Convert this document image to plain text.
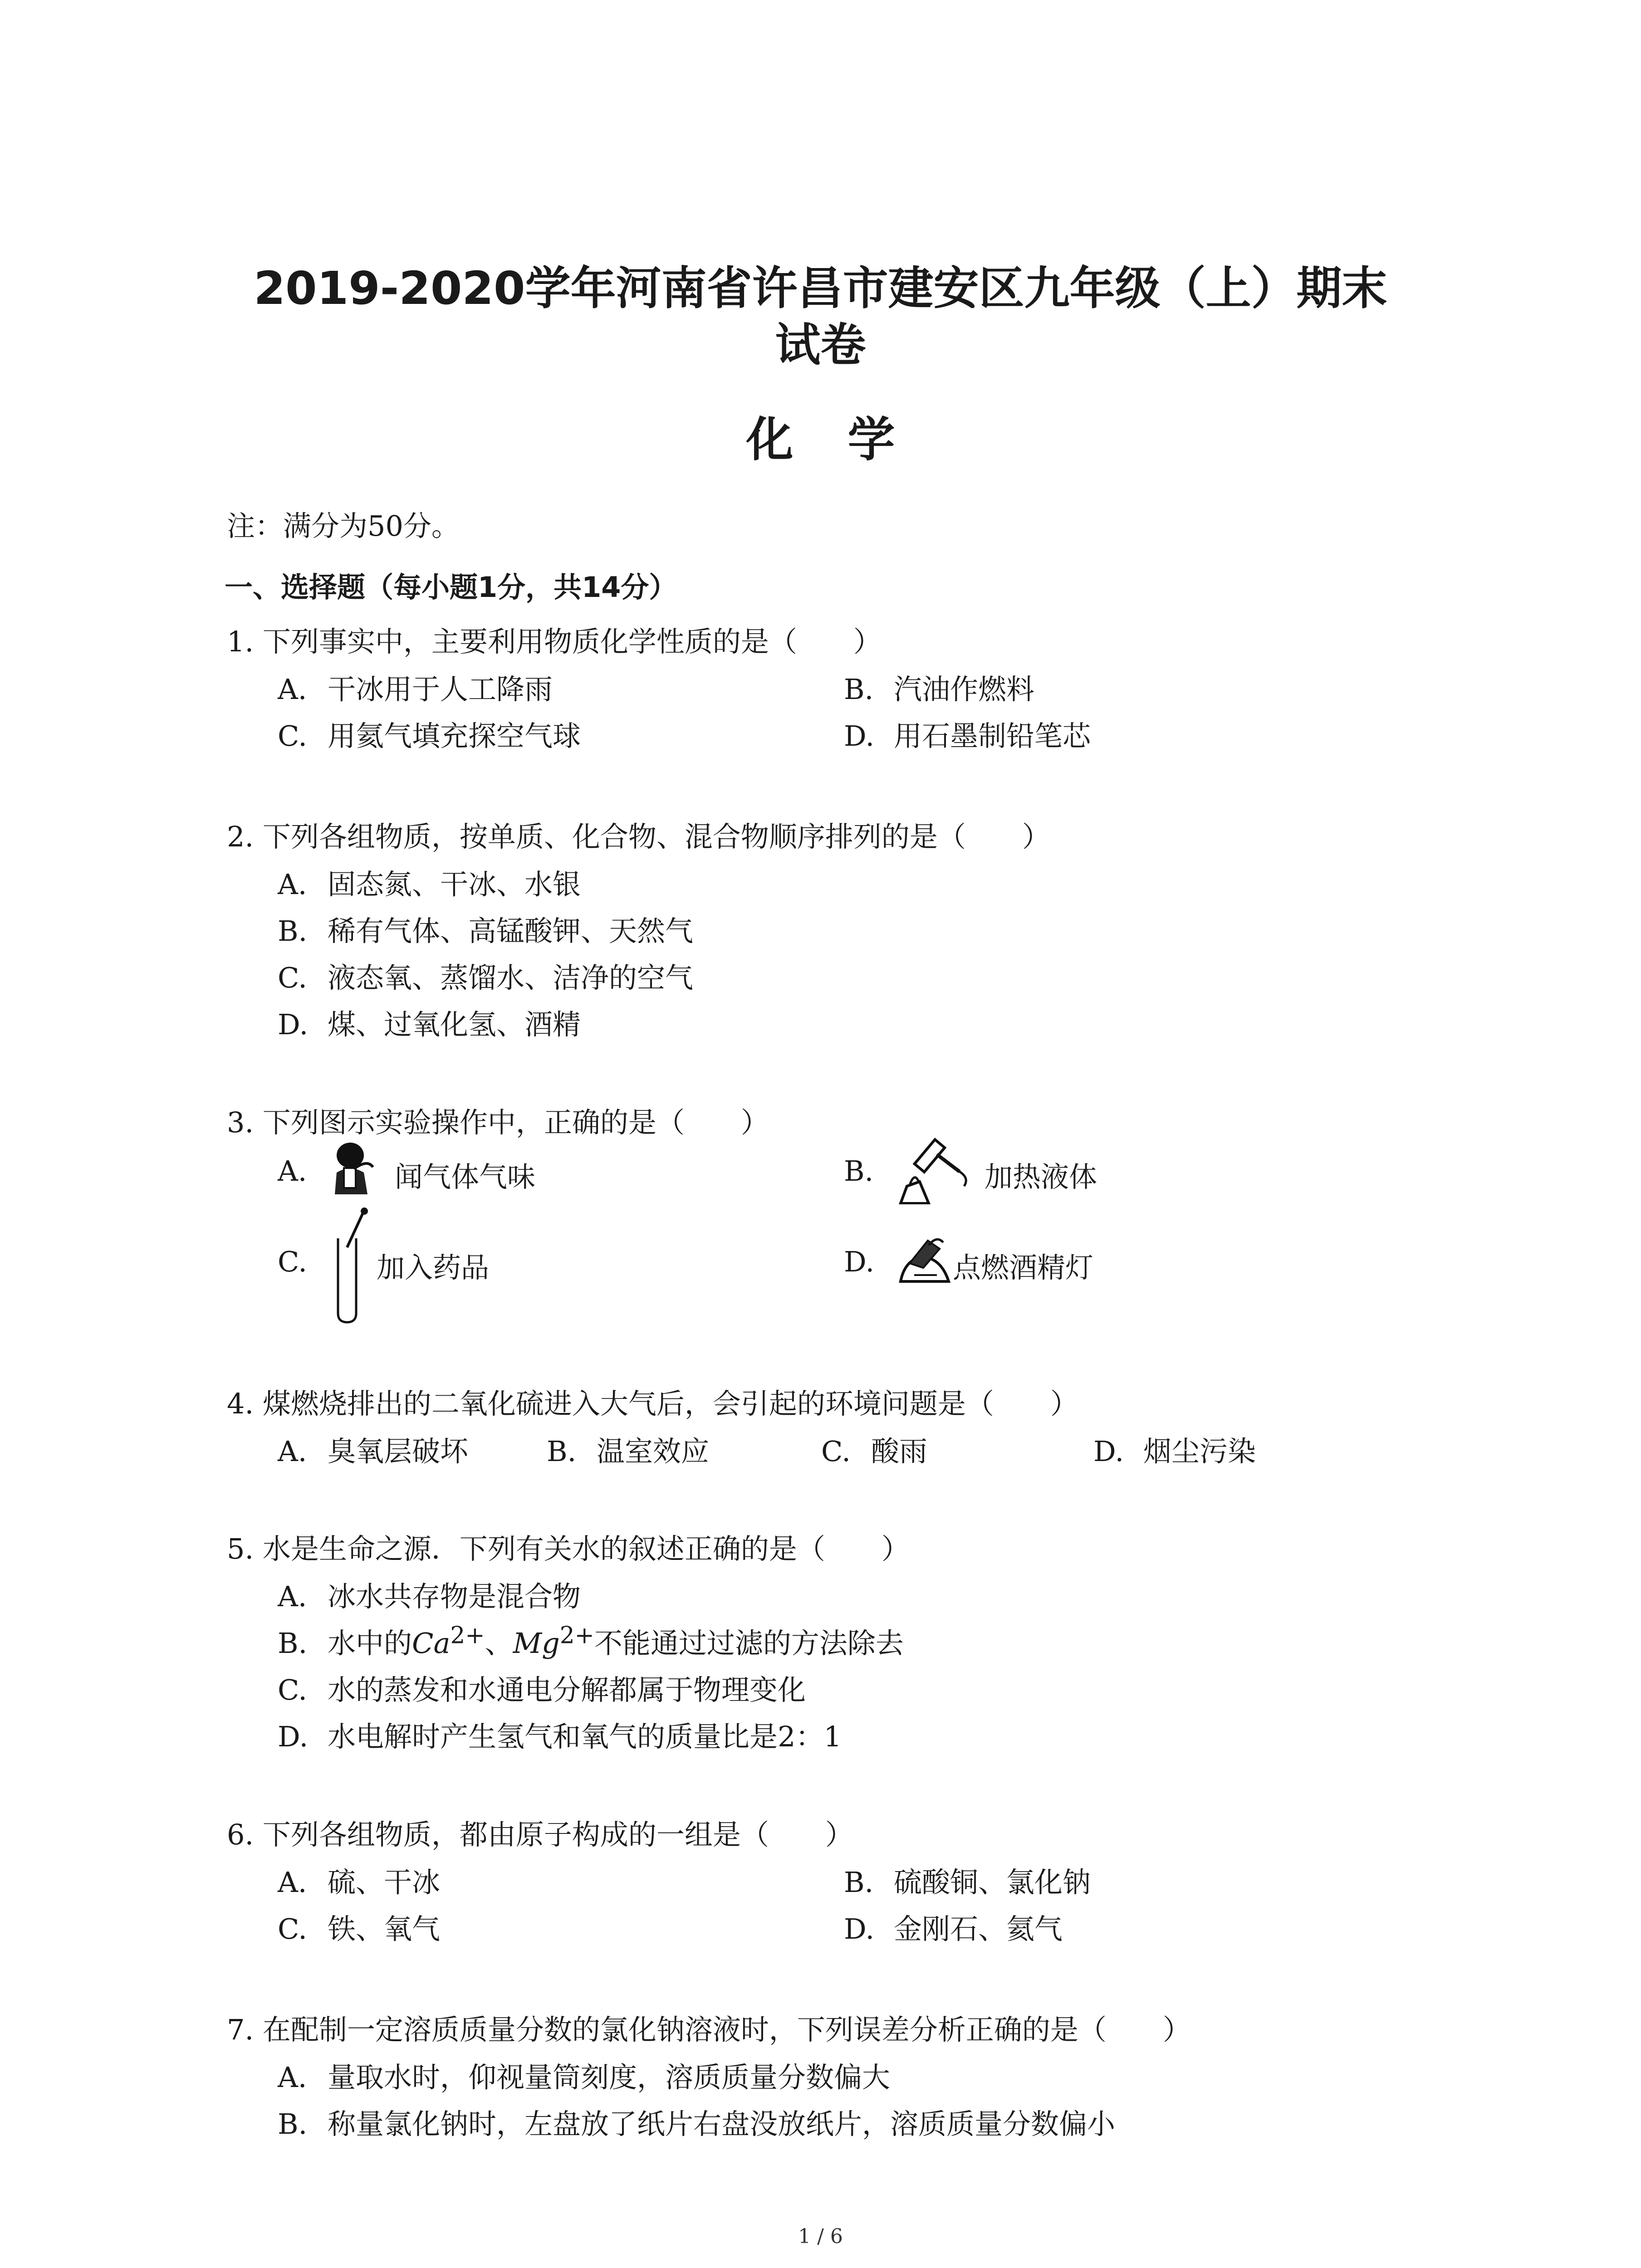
2019-2020学年河南省许昌市建安区九年级（上）期末
试卷
化学
注：满分为50分。
一、选择题（每小题1分，共14分）
1. 下列事实中，主要利用物质化学性质的是（　　）
A. 干冰用于人工降雨	B. 汽油作燃料
C. 用氦气填充探空气球	D. 用石墨制铅笔芯
2. 下列各组物质，按单质、化合物、混合物顺序排列的是（　　）
A. 固态氮、干冰、水银
B. 稀有气体、高锰酸钾、天然气
C. 液态氧、蒸馏水、洁净的空气
D. 煤、过氧化氢、酒精
3. 下列图示实验操作中，正确的是（　　）
A.	闻气体气味	B.	加热液体
C. 加入药品	D.	点燃酒精灯
4. 煤燃烧排出的二氧化硫进入大气后，会引起的环境问题是（　　）
A. 臭氧层破坏	B. 温室效应	C. 酸雨	D. 烟尘污染
5. 水是生命之源．下列有关水的叙述正确的是（　　）
A. 冰水共存物是混合物
B. 水中的$Ca^{2+}$、$Mg^{2+}$不能通过过滤的方法除去
C. 水的蒸发和水通电分解都属于物理变化
D. 水电解时产生氢气和氧气的质量比是2：1
6. 下列各组物质，都由原子构成的一组是（　　）
A. 硫、干冰	B. 硫酸铜、氯化钠
C. 铁、氧气	D. 金刚石、氦气
7. 在配制一定溶质质量分数的氯化钠溶液时，下列误差分析正确的是（　　）
A. 量取水时，仰视量筒刻度，溶质质量分数偏大
B. 称量氯化钠时，左盘放了纸片右盘没放纸片，溶质质量分数偏小
1 / 6
